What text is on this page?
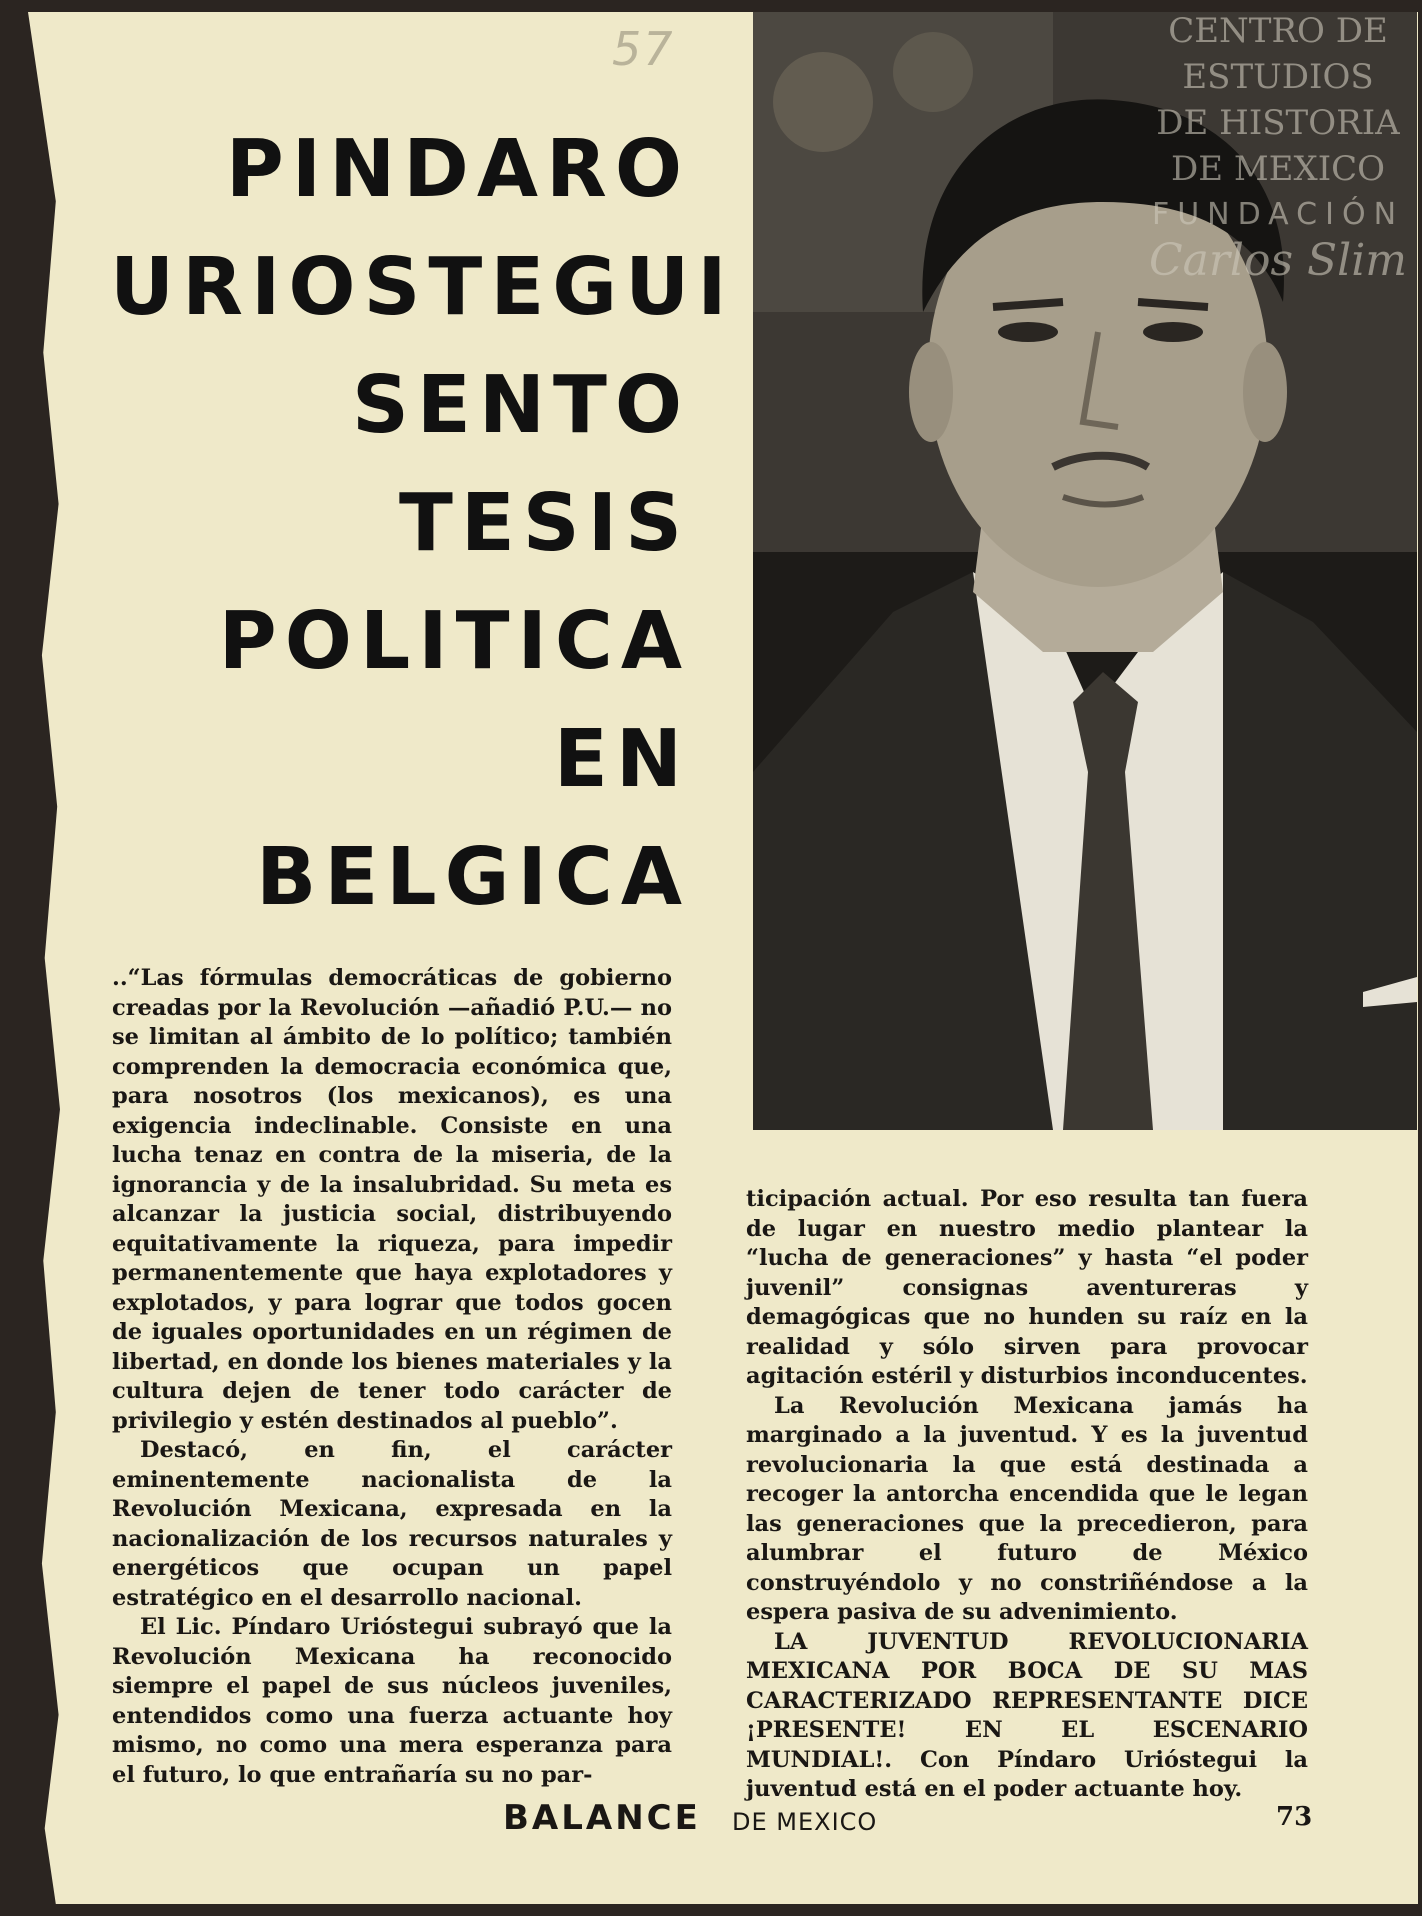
57
PINDARO
URIOSTEGUI
SENTO
TESIS
POLITICA
EN
BELGICA
CENTRO DE
ESTUDIOS
DE HISTORIA
DE MEXICO
FUNDACIÓN
Carlos Slim

..“Las fórmulas democráticas de gobierno creadas por la Revolución —añadió P.U.— no se limitan al ámbito de lo político; también comprenden la democracia económica que, para nosotros (los mexicanos), es una exigencia indeclinable. Consiste en una lucha tenaz en contra de la miseria, de la ignorancia y de la insalubridad. Su meta es alcanzar la justicia social, distribuyendo equitativamente la riqueza, para impedir permanentemente que haya explotadores y explotados, y para lograr que todos gocen de iguales oportunidades en un régimen de libertad, en donde los bienes materiales y la cultura dejen de tener todo carácter de privilegio y estén destinados al pueblo”.

Destacó, en fin, el carácter eminentemente nacionalista de la Revolución Mexicana, expresada en la nacionalización de los recursos naturales y energéticos que ocupan un papel estratégico en el desarrollo nacional.

El Lic. Píndaro Urióstegui subrayó que la Revolución Mexicana ha reconocido siempre el papel de sus núcleos juveniles, entendidos como una fuerza actuante hoy mismo, no como una mera esperanza para el futuro, lo que entrañaría su no par-

ticipación actual. Por eso resulta tan fuera de lugar en nuestro medio plantear la “lucha de generaciones” y hasta “el poder juvenil” consignas aventureras y demagógicas que no hunden su raíz en la realidad y sólo sirven para provocar agitación estéril y disturbios inconducentes.

La Revolución Mexicana jamás ha marginado a la juventud. Y es la juventud revolucionaria la que está destinada a recoger la antorcha encendida que le legan las generaciones que la precedieron, para alumbrar el futuro de México construyéndolo y no constriñéndose a la espera pasiva de su advenimiento.

LA JUVENTUD REVOLUCIONARIA MEXICANA POR BOCA DE SU MAS CARACTERIZADO REPRESENTANTE DICE ¡PRESENTE! EN EL ESCENARIO MUNDIAL!. Con Píndaro Urióstegui la juventud está en el poder actuante hoy.

BALANCE DE MEXICO	73
